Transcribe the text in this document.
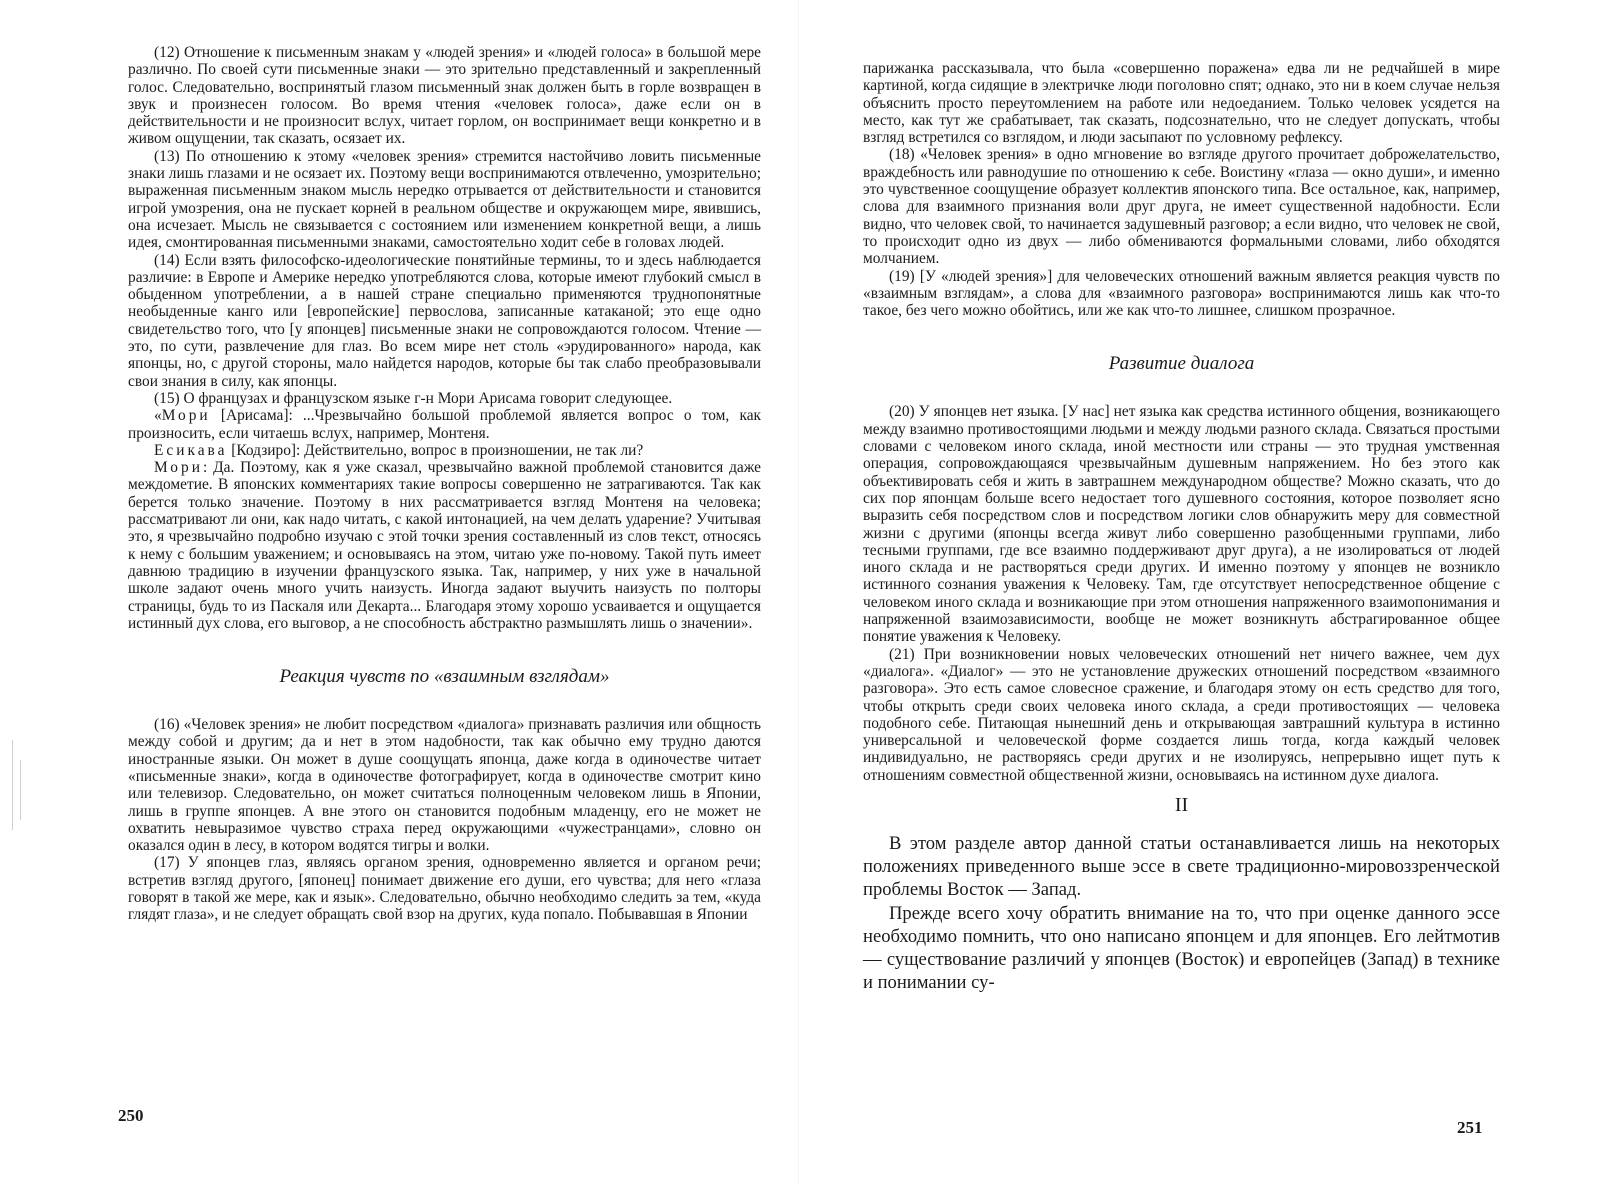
(12) Отношение к письменным знакам у «людей зрения» и «людей голоса» в большой мере различно. По своей сути письменные знаки — это зрительно представленный и закрепленный голос. Следовательно, воспринятый глазом письменный знак должен быть в горле возвращен в звук и произнесен голосом. Во время чтения «человек голоса», даже если он в действительности и не произносит вслух, читает горлом, он воспринимает вещи конкретно и в живом ощущении, так сказать, осязает их.

(13) По отношению к этому «человек зрения» стремится настойчиво ловить письменные знаки лишь глазами и не осязает их. Поэтому вещи воспринимаются отвлеченно, умозрительно; выраженная письменным знаком мысль нередко отрывается от действительности и становится игрой умозрения, она не пускает корней в реальном обществе и окружающем мире, явившись, она исчезает. Мысль не связывается с состоянием или изменением конкретной вещи, а лишь идея, смонтированная письменными знаками, самостоятельно ходит себе в головах людей.

(14) Если взять философско-идеологические понятийные термины, то и здесь наблюдается различие: в Европе и Америке нередко употребляются слова, которые имеют глубокий смысл в обыденном употреблении, а в нашей стране специально применяются труднопонятные необыденные канго или [европейские] первослова, записанные катаканой; это еще одно свидетельство того, что [у японцев] письменные знаки не сопровождаются голосом. Чтение — это, по сути, развлечение для глаз. Во всем мире нет столь «эрудированного» народа, как японцы, но, с другой стороны, мало найдется народов, которые бы так слабо преобразовывали свои знания в силу, как японцы.

(15) О французах и французском языке г-н Мори Арисама говорит следующее.

«Мори [Арисама]: ...Чрезвычайно большой проблемой является вопрос о том, как произносить, если читаешь вслух, например, Монтеня.

Есикава [Кодзиро]: Действительно, вопрос в произношении, не так ли?

Мори: Да. Поэтому, как я уже сказал, чрезвычайно важной проблемой становится даже междометие. В японских комментариях такие вопросы совершенно не затрагиваются. Так как берется только значение. Поэтому в них рассматривается взгляд Монтеня на человека; рассматривают ли они, как надо читать, с какой интонацией, на чем делать ударение? Учитывая это, я чрезвычайно подробно изучаю с этой точки зрения составленный из слов текст, относясь к нему с большим уважением; и основываясь на этом, читаю уже по-новому. Такой путь имеет давнюю традицию в изучении французского языка. Так, например, у них уже в начальной школе задают очень много учить наизусть. Иногда задают выучить наизусть по полторы страницы, будь то из Паскаля или Декарта... Благодаря этому хорошо усваивается и ощущается истинный дух слова, его выговор, а не способность абстрактно размышлять лишь о значении».

Реакция чувств по «взаимным взглядам»

(16) «Человек зрения» не любит посредством «диалога» признавать различия или общность между собой и другим; да и нет в этом надобности, так как обычно ему трудно даются иностранные языки. Он может в душе соощущать японца, даже когда в одиночестве читает «письменные знаки», когда в одиночестве фотографирует, когда в одиночестве смотрит кино или телевизор. Следовательно, он может считаться полноценным человеком лишь в Японии, лишь в группе японцев. А вне этого он становится подобным младенцу, его не может не охватить невыразимое чувство страха перед окружающими «чужестранцами», словно он оказался один в лесу, в котором водятся тигры и волки.

(17) У японцев глаз, являясь органом зрения, одновременно является и органом речи; встретив взгляд другого, [японец] понимает движение его души, его чувства; для него «глаза говорят в такой же мере, как и язык». Следовательно, обычно необходимо следить за тем, «куда глядят глаза», и не следует обращать свой взор на других, куда попало. Побывавшая в Японии

250

парижанка рассказывала, что была «совершенно поражена» едва ли не редчайшей в мире картиной, когда сидящие в электричке люди поголовно спят; однако, это ни в коем случае нельзя объяснить просто переутомлением на работе или недоеданием. Только человек усядется на место, как тут же срабатывает, так сказать, подсознательно, что не следует допускать, чтобы взгляд встретился со взглядом, и люди засыпают по условному рефлексу.

(18) «Человек зрения» в одно мгновение во взгляде другого прочитает доброжелательство, враждебность или равнодушие по отношению к себе. Воистину «глаза — окно души», и именно это чувственное соощущение образует коллектив японского типа. Все остальное, как, например, слова для взаимного признания воли друг друга, не имеет существенной надобности. Если видно, что человек свой, то начинается задушевный разговор; а если видно, что человек не свой, то происходит одно из двух — либо обмениваются формальными словами, либо обходятся молчанием.

(19) [У «людей зрения»] для человеческих отношений важным является реакция чувств по «взаимным взглядам», а слова для «взаимного разговора» воспринимаются лишь как что-то такое, без чего можно обойтись, или же как что-то лишнее, слишком прозрачное.

Развитие диалога

(20) У японцев нет языка. [У нас] нет языка как средства истинного общения, возникающего между взаимно противостоящими людьми и между людьми разного склада. Связаться простыми словами с человеком иного склада, иной местности или страны — это трудная умственная операция, сопровождающаяся чрезвычайным душевным напряжением. Но без этого как объективировать себя и жить в завтрашнем международном обществе? Можно сказать, что до сих пор японцам больше всего недостает того душевного состояния, которое позволяет ясно выразить себя посредством слов и посредством логики слов обнаружить меру для совместной жизни с другими (японцы всегда живут либо совершенно разобщенными группами, либо тесными группами, где все взаимно поддерживают друг друга), а не изолироваться от людей иного склада и не растворяться среди других. И именно поэтому у японцев не возникло истинного сознания уважения к Человеку. Там, где отсутствует непосредственное общение с человеком иного склада и возникающие при этом отношения напряженного взаимопонимания и напряженной взаимозависимости, вообще не может возникнуть абстрагированное общее понятие уважения к Человеку.

(21) При возникновении новых человеческих отношений нет ничего важнее, чем дух «диалога». «Диалог» — это не установление дружеских отношений посредством «взаимного разговора». Это есть самое словесное сражение, и благодаря этому он есть средство для того, чтобы открыть среди своих человека иного склада, а среди противостоящих — человека подобного себе. Питающая нынешний день и открывающая завтрашний культура в истинно универсальной и человеческой форме создается лишь тогда, когда каждый человек индивидуально, не растворяясь среди других и не изолируясь, непрерывно ищет путь к отношениям совместной общественной жизни, основываясь на истинном духе диалога.

II

В этом разделе автор данной статьи останавливается лишь на некоторых положениях приведенного выше эссе в свете традиционно-мировоззренческой проблемы Восток — Запад.

Прежде всего хочу обратить внимание на то, что при оценке данного эссе необходимо помнить, что оно написано японцем и для японцев. Его лейтмотив — существование различий у японцев (Восток) и европейцев (Запад) в технике и понимании су-

251
